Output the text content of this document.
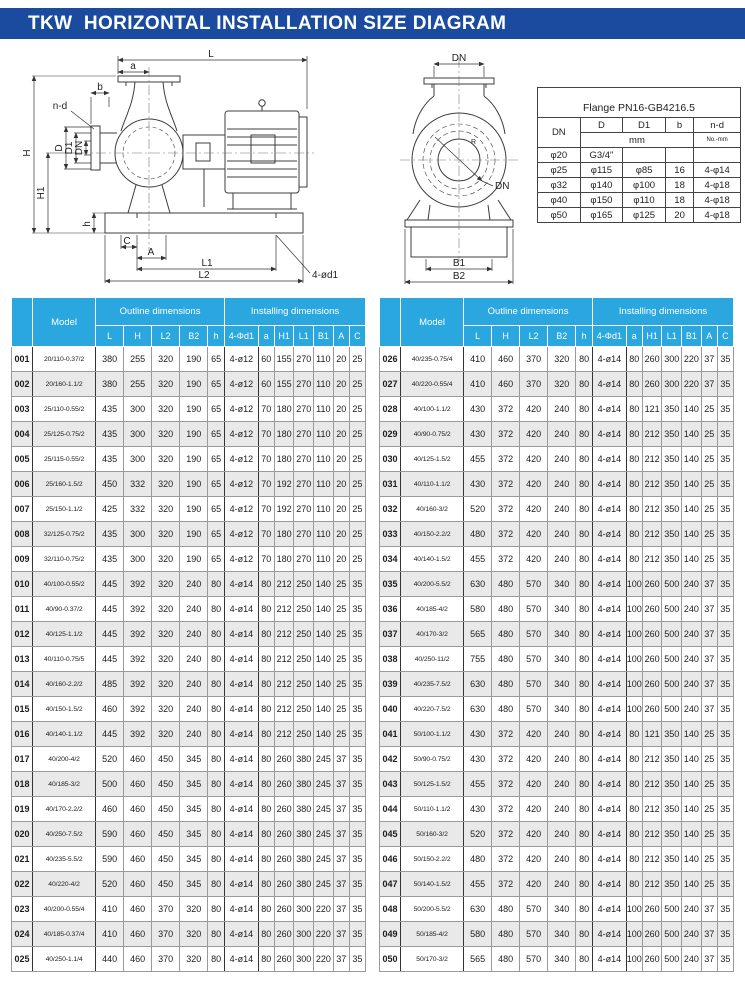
TKW  HORIZONTAL INSTALLATION SIZE DIAGRAM
L
a
b
n-d
D D1 DN
H
H1
h
C
A
L1
L2	4-ød1
DN
R
DN
B1
B2
Flange PN16-GB4216.5				
DN	D	D1	b	n-d
	mm			No.-mm
φ20	G3/4"			
φ25	φ115	φ85	16	4-φ14
φ32	φ140	φ100	18	4-φ18
φ40	φ150	φ110	18	4-φ18
φ50	φ165	φ125	20	4-φ18
	Model	Outline dimensions					Installing dimensions						
		L	H	L2	B2	h	4-Φd1	a	H1	L1	B1	A	C
001	20/110-0.37/2	380	255	320	190	65	4-ø12	60	155	270	110	20	25
002	20/160-1.1/2	380	255	320	190	65	4-ø12	60	155	270	110	20	25
003	25/110-0.55/2	435	300	320	190	65	4-ø12	70	180	270	110	20	25
004	25/125-0.75/2	435	300	320	190	65	4-ø12	70	180	270	110	20	25
005	25/115-0.55/2	435	300	320	190	65	4-ø12	70	180	270	110	20	25
006	25/160-1.5/2	450	332	320	190	65	4-ø12	70	192	270	110	20	25
007	25/150-1.1/2	425	332	320	190	65	4-ø12	70	192	270	110	20	25
008	32/125-0.75/2	435	300	320	190	65	4-ø12	70	180	270	110	20	25
009	32/110-0.75/2	435	300	320	190	65	4-ø12	70	180	270	110	20	25
010	40/100-0.55/2	445	392	320	240	80	4-ø14	80	212	250	140	25	35
011	40/90-0.37/2	445	392	320	240	80	4-ø14	80	212	250	140	25	35
012	40/125-1.1/2	445	392	320	240	80	4-ø14	80	212	250	140	25	35
013	40/110-0.75/5	445	392	320	240	80	4-ø14	80	212	250	140	25	35
014	40/160-2.2/2	485	392	320	240	80	4-ø14	80	212	250	140	25	35
015	40/150-1.5/2	460	392	320	240	80	4-ø14	80	212	250	140	25	35
016	40/140-1.1/2	445	392	320	240	80	4-ø14	80	212	250	140	25	35
017	40/200-4/2	520	460	450	345	80	4-ø14	80	260	380	245	37	35
018	40/185-3/2	500	460	450	345	80	4-ø14	80	260	380	245	37	35
019	40/170-2.2/2	460	460	450	345	80	4-ø14	80	260	380	245	37	35
020	40/250-7.5/2	590	460	450	345	80	4-ø14	80	260	380	245	37	35
021	40/235-5.5/2	590	460	450	345	80	4-ø14	80	260	380	245	37	35
022	40/220-4/2	520	460	450	345	80	4-ø14	80	260	380	245	37	35
023	40/200-0.55/4	410	460	370	320	80	4-ø14	80	260	300	220	37	35
024	40/185-0.37/4	410	460	370	320	80	4-ø14	80	260	300	220	37	35
025	40/250-1.1/4	440	460	370	320	80	4-ø14	80	260	300	220	37	35
	Model	Outline dimensions					Installing dimensions						
		L	H	L2	B2	h	4-Φd1	a	H1	L1	B1	A	C
026	40/235-0.75/4	410	460	370	320	80	4-ø14	80	260	300	220	37	35
027	40/220-0.55/4	410	460	370	320	80	4-ø14	80	260	300	220	37	35
028	40/100-1.1/2	430	372	420	240	80	4-ø14	80	121	350	140	25	35
029	40/90-0.75/2	430	372	420	240	80	4-ø14	80	212	350	140	25	35
030	40/125-1.5/2	455	372	420	240	80	4-ø14	80	212	350	140	25	35
031	40/110-1.1/2	430	372	420	240	80	4-ø14	80	212	350	140	25	35
032	40/160-3/2	520	372	420	240	80	4-ø14	80	212	350	140	25	35
033	40/150-2.2/2	480	372	420	240	80	4-ø14	80	212	350	140	25	35
034	40/140-1.5/2	455	372	420	240	80	4-ø14	80	212	350	140	25	35
035	40/200-5.5/2	630	480	570	340	80	4-ø14	100	260	500	240	37	35
036	40/185-4/2	580	480	570	340	80	4-ø14	100	260	500	240	37	35
037	40/170-3/2	565	480	570	340	80	4-ø14	100	260	500	240	37	35
038	40/250-11/2	755	480	570	340	80	4-ø14	100	260	500	240	37	35
039	40/235-7.5/2	630	480	570	340	80	4-ø14	100	260	500	240	37	35
040	40/220-7.5/2	630	480	570	340	80	4-ø14	100	260	500	240	37	35
041	50/100-1.1/2	430	372	420	240	80	4-ø14	80	121	350	140	25	35
042	50/90-0.75/2	430	372	420	240	80	4-ø14	80	212	350	140	25	35
043	50/125-1.5/2	455	372	420	240	80	4-ø14	80	212	350	140	25	35
044	50/110-1.1/2	430	372	420	240	80	4-ø14	80	212	350	140	25	35
045	50/160-3/2	520	372	420	240	80	4-ø14	80	212	350	140	25	35
046	50/150-2.2/2	480	372	420	240	80	4-ø14	80	212	350	140	25	35
047	50/140-1.5/2	455	372	420	240	80	4-ø14	80	212	350	140	25	35
048	50/200-5.5/2	630	480	570	340	80	4-ø14	100	260	500	240	37	35
049	50/185-4/2	580	480	570	340	80	4-ø14	100	260	500	240	37	35
050	50/170-3/2	565	480	570	340	80	4-ø14	100	260	500	240	37	35
